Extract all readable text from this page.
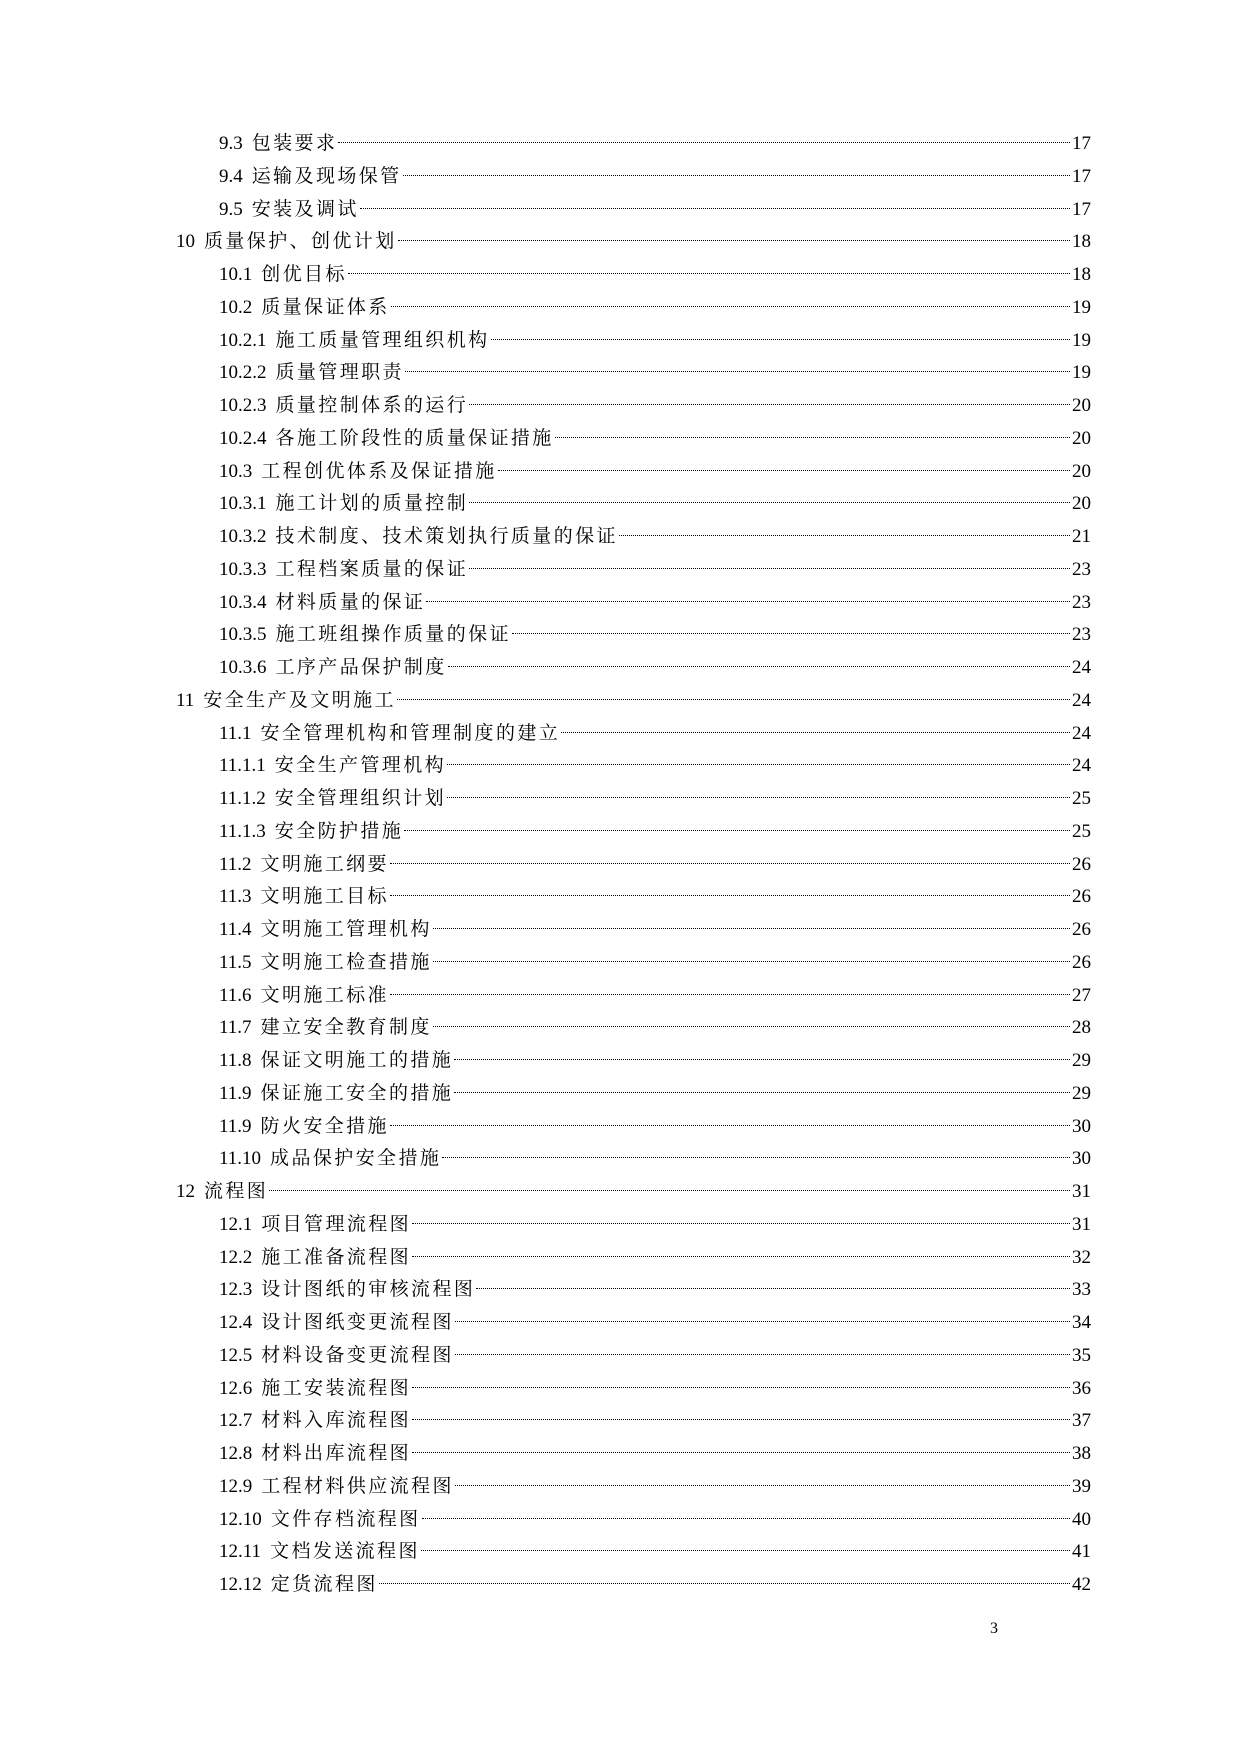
9.3 包装要求	17
9.4 运输及现场保管	17
9.5 安装及调试	17
10 质量保护、创优计划	18
10.1 创优目标	18
10.2 质量保证体系	19
10.2.1 施工质量管理组织机构	19
10.2.2 质量管理职责	19
10.2.3 质量控制体系的运行	20
10.2.4 各施工阶段性的质量保证措施	20
10.3 工程创优体系及保证措施	20
10.3.1 施工计划的质量控制	20
10.3.2 技术制度、技术策划执行质量的保证	21
10.3.3 工程档案质量的保证	23
10.3.4 材料质量的保证	23
10.3.5 施工班组操作质量的保证	23
10.3.6 工序产品保护制度	24
11 安全生产及文明施工	24
11.1 安全管理机构和管理制度的建立	24
11.1.1 安全生产管理机构	24
11.1.2 安全管理组织计划	25
11.1.3 安全防护措施	25
11.2 文明施工纲要	26
11.3 文明施工目标	26
11.4 文明施工管理机构	26
11.5 文明施工检查措施	26
11.6 文明施工标准	27
11.7 建立安全教育制度	28
11.8 保证文明施工的措施	29
11.9 保证施工安全的措施	29
11.9 防火安全措施	30
11.10 成品保护安全措施	30
12 流程图	31
12.1 项目管理流程图	31
12.2 施工准备流程图	32
12.3 设计图纸的审核流程图	33
12.4 设计图纸变更流程图	34
12.5 材料设备变更流程图	35
12.6 施工安装流程图	36
12.7 材料入库流程图	37
12.8 材料出库流程图	38
12.9 工程材料供应流程图	39
12.10 文件存档流程图	40
12.11 文档发送流程图	41
12.12 定货流程图	42
3
